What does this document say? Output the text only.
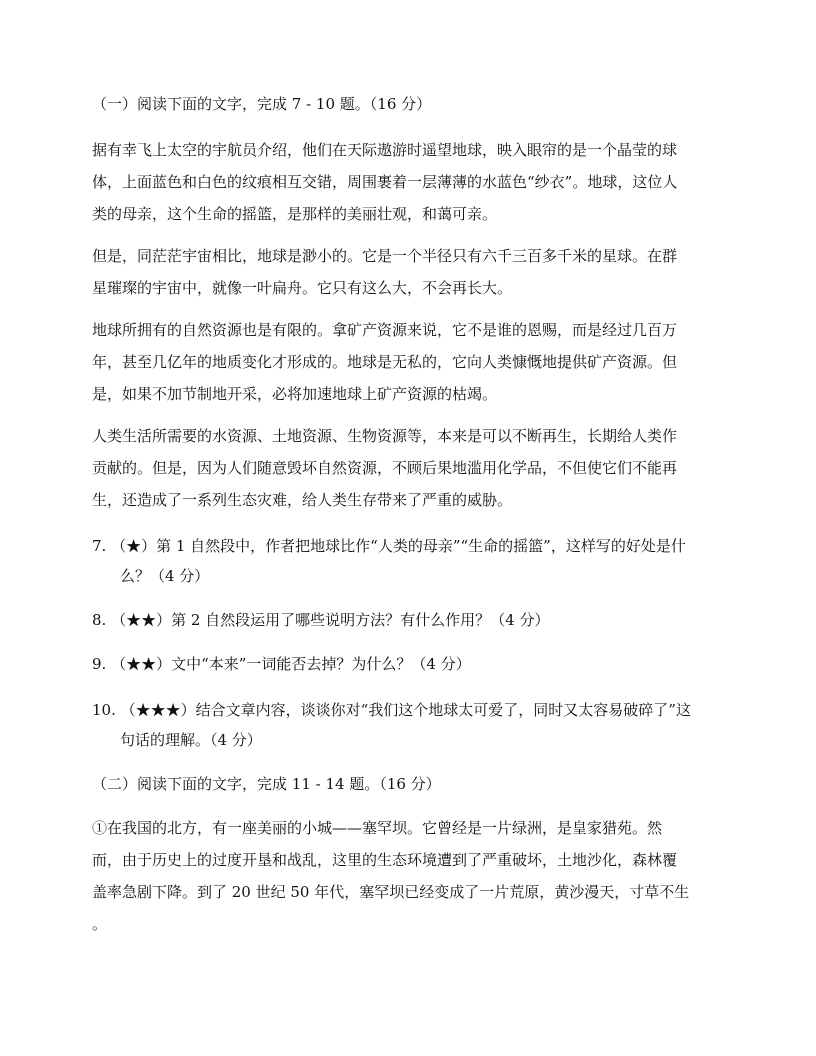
（一）阅读下面的文字，完成 7 - 10 题。（16 分）
据有幸飞上太空的宇航员介绍，他们在天际遨游时遥望地球，映入眼帘的是一个晶莹的球
体，上面蓝色和白色的纹痕相互交错，周围裹着一层薄薄的水蓝色“纱衣”。地球，这位人
类的母亲，这个生命的摇篮，是那样的美丽壮观，和蔼可亲。
但是，同茫茫宇宙相比，地球是渺小的。它是一个半径只有六千三百多千米的星球。在群
星璀璨的宇宙中，就像一叶扁舟。它只有这么大，不会再长大。
地球所拥有的自然资源也是有限的。拿矿产资源来说，它不是谁的恩赐，而是经过几百万
年，甚至几亿年的地质变化才形成的。地球是无私的，它向人类慷慨地提供矿产资源。但
是，如果不加节制地开采，必将加速地球上矿产资源的枯竭。
人类生活所需要的水资源、土地资源、生物资源等，本来是可以不断再生，长期给人类作
贡献的。但是，因为人们随意毁坏自然资源，不顾后果地滥用化学品，不但使它们不能再
生，还造成了一系列生态灾难，给人类生存带来了严重的威胁。
7. （★）第 1 自然段中，作者把地球比作“人类的母亲”“生命的摇篮”，这样写的好处是什
么？（4 分）
8. （★★）第 2 自然段运用了哪些说明方法？有什么作用？（4 分）
9. （★★）文中“本来”一词能否去掉？为什么？（4 分）
10. （★★★）结合文章内容，谈谈你对“我们这个地球太可爱了，同时又太容易破碎了”这
句话的理解。（4 分）
（二）阅读下面的文字，完成 11 - 14 题。（16 分）
①在我国的北方，有一座美丽的小城——塞罕坝。它曾经是一片绿洲，是皇家猎苑。然
而，由于历史上的过度开垦和战乱，这里的生态环境遭到了严重破坏，土地沙化，森林覆
盖率急剧下降。到了 20 世纪 50 年代，塞罕坝已经变成了一片荒原，黄沙漫天，寸草不生
。
